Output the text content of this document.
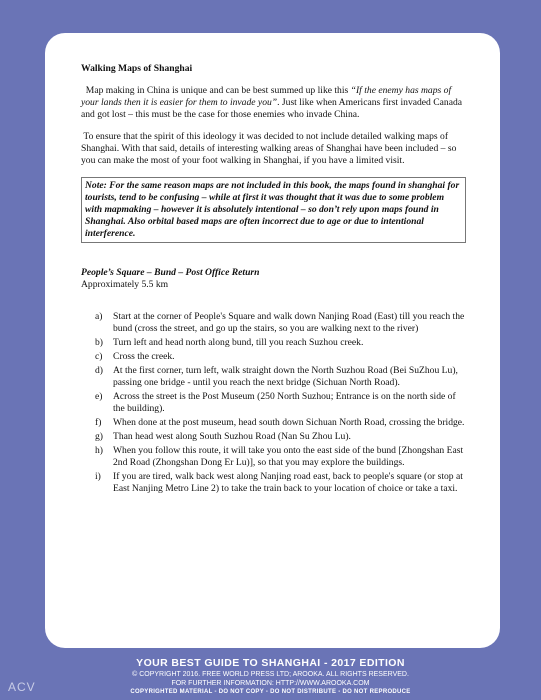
Walking Maps of Shanghai
Map making in China is unique and can be best summed up like this “If the enemy has maps of your lands then it is easier for them to invade you”. Just like when Americans first invaded Canada and got lost – this must be the case for those enemies who invade China.
To ensure that the spirit of this ideology it was decided to not include detailed walking maps of Shanghai. With that said, details of interesting walking areas of Shanghai have been included – so you can make the most of your foot walking in Shanghai, if you have a limited visit.
Note: For the same reason maps are not included in this book, the maps found in shanghai for tourists, tend to be confusing – while at first it was thought that it was due to some problem with mapmaking – however it is absolutely intentional – so don’t rely upon maps found in Shanghai. Also orbital based maps are often incorrect due to age or due to intentional interference.
People’s Square – Bund – Post Office Return
Approximately 5.5 km
a)	Start at the corner of People's Square and walk down Nanjing Road (East) till you reach the bund (cross the street, and go up the stairs, so you are walking next to the river)
b)	Turn left and head north along bund, till you reach Suzhou creek.
c)	Cross the creek.
d)	At the first corner, turn left, walk straight down the North Suzhou Road (Bei SuZhou Lu), passing one bridge - until you reach the next bridge (Sichuan North Road).
e)	Across the street is the Post Museum (250 North Suzhou; Entrance is on the north side of the building).
f)	When done at the post museum, head south down Sichuan North Road, crossing the bridge.
g)	Than head west along South Suzhou Road (Nan Su Zhou Lu).
h)	When you follow this route, it will take you onto the east side of the bund [Zhongshan East 2nd Road (Zhongshan Dong Er Lu)], so that you may explore the buildings.
i)	If you are tired, walk back west along Nanjing road east, back to people's square (or stop at East Nanjing Metro Line 2) to take the train back to your location of choice or take a taxi.
YOUR BEST GUIDE TO SHANGHAI - 2017 EDITION
© COPYRIGHT 2016. FREE WORLD PRESS LTD; AROOKA. ALL RIGHTS RESERVED.
FOR FURTHER INFORMATION: HTTP://WWW.AROOKA.COM
COPYRIGHTED MATERIAL - DO NOT COPY - DO NOT DISTRIBUTE - DO NOT REPRODUCE
ACV
